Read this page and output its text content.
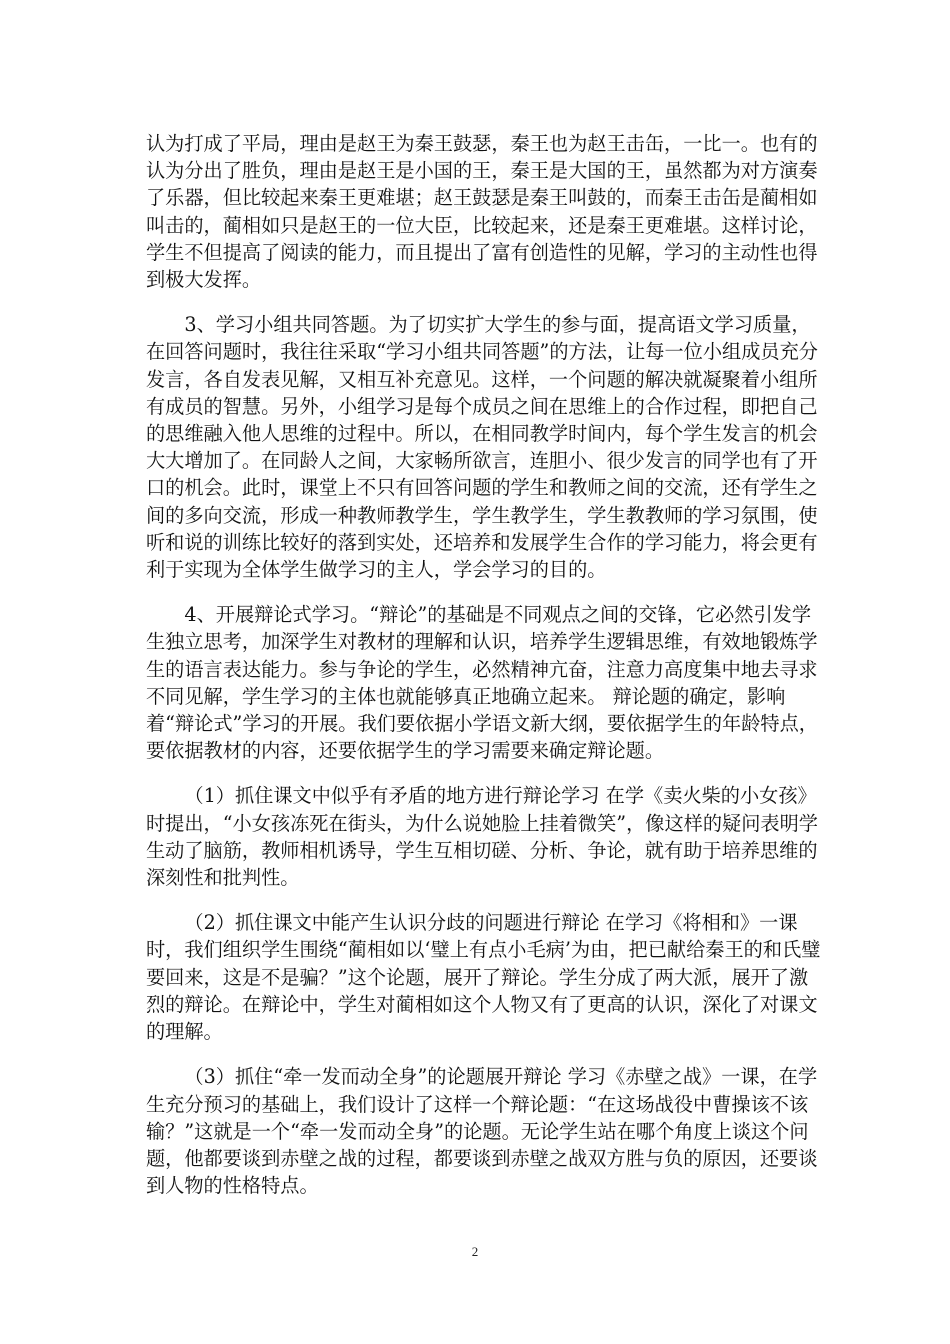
认为打成了平局，理由是赵王为秦王鼓瑟，秦王也为赵王击缶，一比一。也有的认为分出了胜负，理由是赵王是小国的王，秦王是大国的王，虽然都为对方演奏了乐器，但比较起来秦王更难堪；赵王鼓瑟是秦王叫鼓的，而秦王击缶是蔺相如叫击的，蔺相如只是赵王的一位大臣，比较起来，还是秦王更难堪。这样讨论，学生不但提高了阅读的能力，而且提出了富有创造性的见解，学习的主动性也得到极大发挥。

3、学习小组共同答题。为了切实扩大学生的参与面，提高语文学习质量，在回答问题时，我往往采取“学习小组共同答题”的方法，让每一位小组成员充分发言，各自发表见解，又相互补充意见。这样，一个问题的解决就凝聚着小组所有成员的智慧。另外，小组学习是每个成员之间在思维上的合作过程，即把自己的思维融入他人思维的过程中。所以，在相同教学时间内，每个学生发言的机会大大增加了。在同龄人之间，大家畅所欲言，连胆小、很少发言的同学也有了开口的机会。此时，课堂上不只有回答问题的学生和教师之间的交流，还有学生之间的多向交流，形成一种教师教学生，学生教学生，学生教教师的学习氛围，使听和说的训练比较好的落到实处，还培养和发展学生合作的学习能力，将会更有利于实现为全体学生做学习的主人，学会学习的目的。

4、开展辩论式学习。“辩论”的基础是不同观点之间的交锋，它必然引发学生独立思考，加深学生对教材的理解和认识，培养学生逻辑思维，有效地锻炼学生的语言表达能力。参与争论的学生，必然精神亢奋，注意力高度集中地去寻求不同见解，学生学习的主体也就能够真正地确立起来。 辩论题的确定，影响着“辩论式”学习的开展。我们要依据小学语文新大纲，要依据学生的年龄特点，要依据教材的内容，还要依据学生的学习需要来确定辩论题。

（1）抓住课文中似乎有矛盾的地方进行辩论学习 在学《卖火柴的小女孩》时提出，“小女孩冻死在街头，为什么说她脸上挂着微笑”，像这样的疑问表明学生动了脑筋，教师相机诱导，学生互相切磋、分析、争论，就有助于培养思维的深刻性和批判性。

（2）抓住课文中能产生认识分歧的问题进行辩论 在学习《将相和》一课时，我们组织学生围绕“蔺相如以‘璧上有点小毛病’为由，把已献给秦王的和氏璧要回来，这是不是骗？”这个论题，展开了辩论。学生分成了两大派，展开了激烈的辩论。在辩论中，学生对蔺相如这个人物又有了更高的认识，深化了对课文的理解。

（3）抓住“牵一发而动全身”的论题展开辩论 学习《赤壁之战》一课，在学生充分预习的基础上，我们设计了这样一个辩论题：“在这场战役中曹操该不该输？”这就是一个“牵一发而动全身”的论题。无论学生站在哪个角度上谈这个问题，他都要谈到赤壁之战的过程，都要谈到赤壁之战双方胜与负的原因，还要谈到人物的性格特点。

2
